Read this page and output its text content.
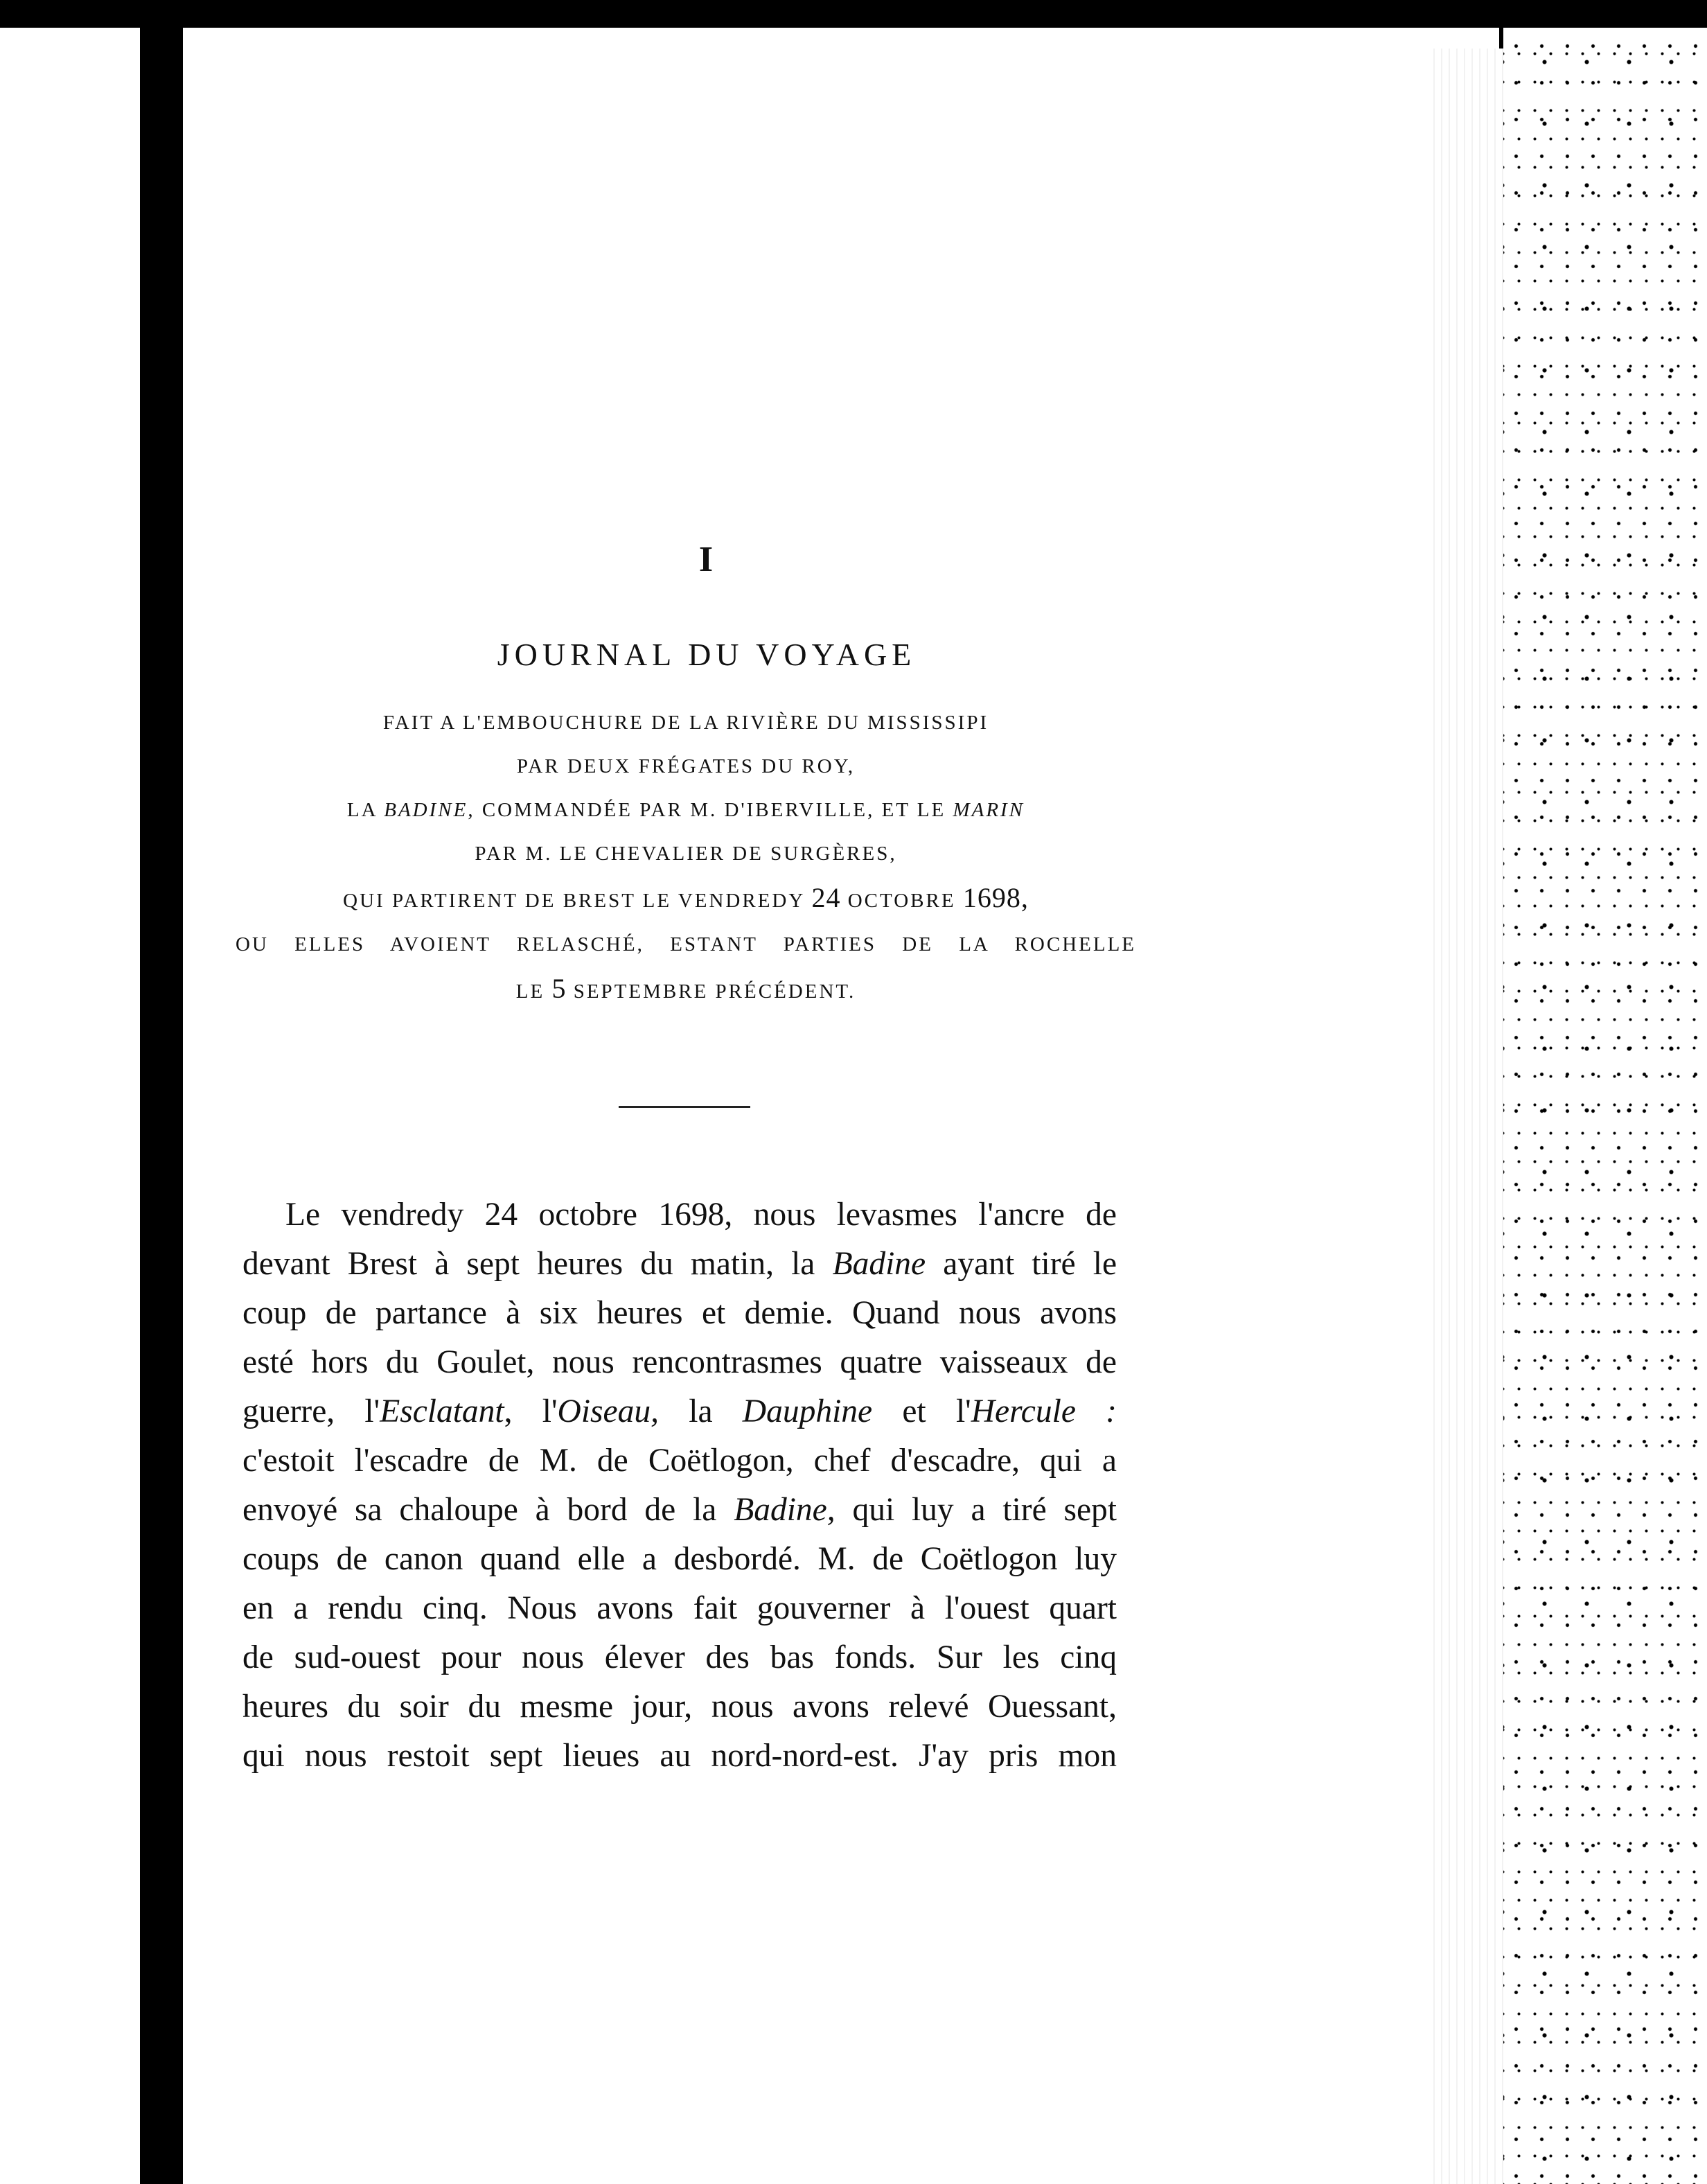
I
JOURNAL DU VOYAGE
FAIT A L'EMBOUCHURE DE LA RIVIÈRE DU MISSISSIPI
PAR DEUX FRÉGATES DU ROY,
LA BADINE, COMMANDÉE PAR M. D'IBERVILLE, ET LE MARIN
PAR M. LE CHEVALIER DE SURGÈRES,
QUI PARTIRENT DE BREST LE VENDREDY 24 OCTOBRE 1698,
OU ELLES AVOIENT RELASCHÉ, ESTANT PARTIES DE LA ROCHELLE
LE 5 SEPTEMBRE PRÉCÉDENT.
Le vendredy 24 octobre 1698, nous levasmes l'ancre de
devant Brest à sept heures du matin, la Badine ayant tiré le
coup de partance à six heures et demie. Quand nous avons
esté hors du Goulet, nous rencontrasmes quatre vaisseaux de
guerre, l'Esclatant, l'Oiseau, la Dauphine et l'Hercule :
c'estoit l'escadre de M. de Coëtlogon, chef d'escadre, qui a
envoyé sa chaloupe à bord de la Badine, qui luy a tiré sept
coups de canon quand elle a desbordé. M. de Coëtlogon luy
en a rendu cinq. Nous avons fait gouverner à l'ouest quart
de sud-ouest pour nous élever des bas fonds. Sur les cinq
heures du soir du mesme jour, nous avons relevé Ouessant,
qui nous restoit sept lieues au nord-nord-est. J'ay pris mon
